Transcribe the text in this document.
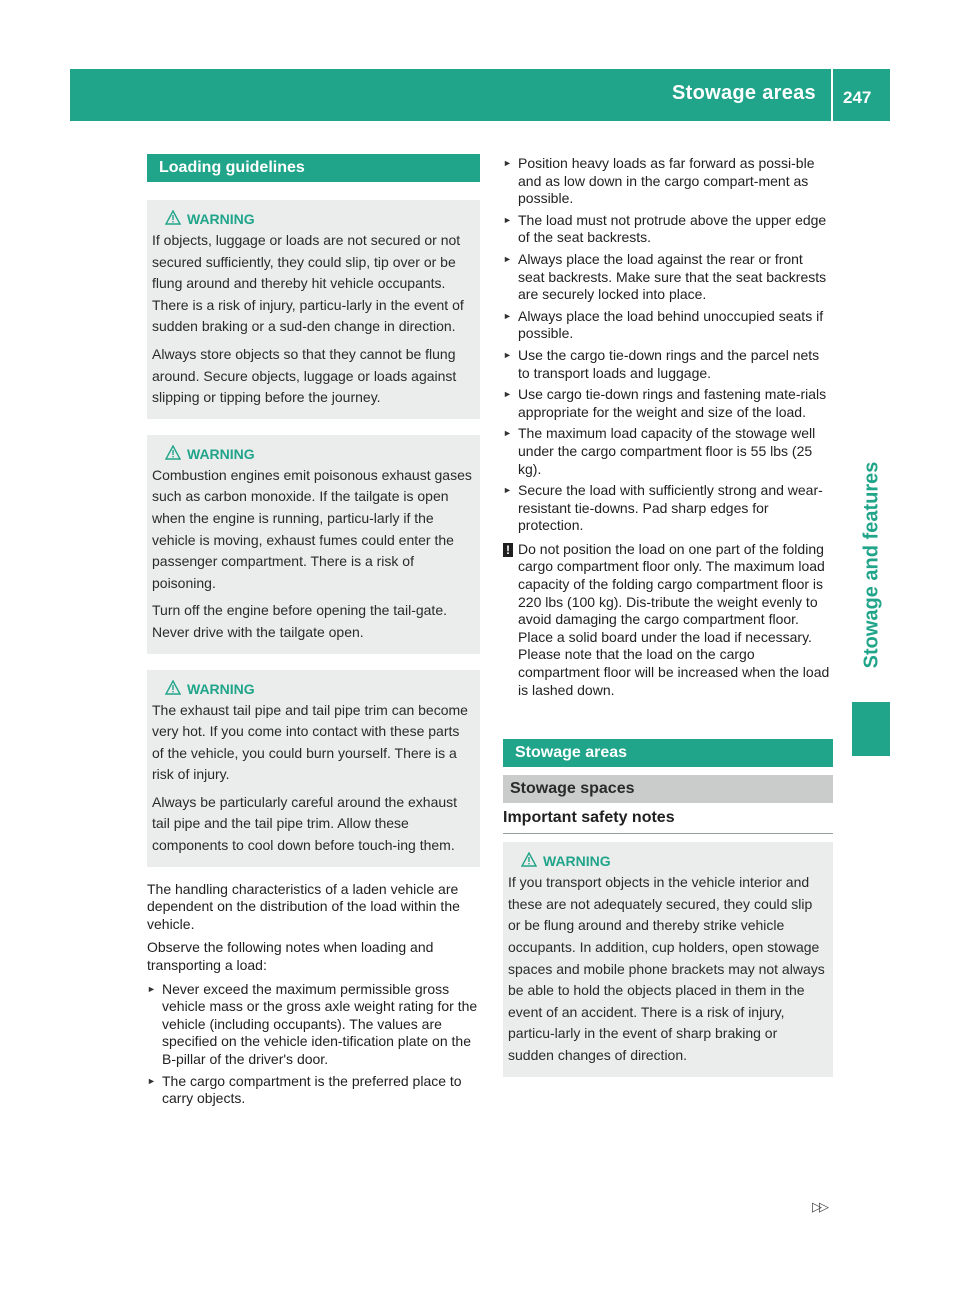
Stowage areas 247
Stowage and features
Loading guidelines
WARNING

If objects, luggage or loads are not secured or not secured sufficiently, they could slip, tip over or be flung around and thereby hit vehicle occupants. There is a risk of injury, particu-larly in the event of sudden braking or a sud-den change in direction.

Always store objects so that they cannot be flung around. Secure objects, luggage or loads against slipping or tipping before the journey.

WARNING

Combustion engines emit poisonous exhaust gases such as carbon monoxide. If the tailgate is open when the engine is running, particu-larly if the vehicle is moving, exhaust fumes could enter the passenger compartment. There is a risk of poisoning.

Turn off the engine before opening the tail-gate. Never drive with the tailgate open.

WARNING

The exhaust tail pipe and tail pipe trim can become very hot. If you come into contact with these parts of the vehicle, you could burn yourself. There is a risk of injury.

Always be particularly careful around the exhaust tail pipe and the tail pipe trim. Allow these components to cool down before touch-ing them.

The handling characteristics of a laden vehicle are dependent on the distribution of the load within the vehicle.

Observe the following notes when loading and transporting a load:

► Never exceed the maximum permissible gross vehicle mass or the gross axle weight rating for the vehicle (including occupants). The values are specified on the vehicle iden-tification plate on the B-pillar of the driver's door.
► The cargo compartment is the preferred place to carry objects.
► Position heavy loads as far forward as possi-ble and as low down in the cargo compart-ment as possible.
► The load must not protrude above the upper edge of the seat backrests.
► Always place the load against the rear or front seat backrests. Make sure that the seat backrests are securely locked into place.
► Always place the load behind unoccupied seats if possible.
► Use the cargo tie-down rings and the parcel nets to transport loads and luggage.
► Use cargo tie-down rings and fastening mate-rials appropriate for the weight and size of the load.
► The maximum load capacity of the stowage well under the cargo compartment floor is 55 lbs (25 kg).
► Secure the load with sufficiently strong and wear-resistant tie-downs. Pad sharp edges for protection.
! Do not position the load on one part of the folding cargo compartment floor only. The maximum load capacity of the folding cargo compartment floor is 220 lbs (100 kg). Dis-tribute the weight evenly to avoid damaging the cargo compartment floor. Place a solid board under the load if necessary. Please note that the load on the cargo compartment floor will be increased when the load is lashed down.
Stowage areas
Stowage spaces
Important safety notes
WARNING

If you transport objects in the vehicle interior and these are not adequately secured, they could slip or be flung around and thereby strike vehicle occupants. In addition, cup holders, open stowage spaces and mobile phone brackets may not always be able to hold the objects placed in them in the event of an accident. There is a risk of injury, particu-larly in the event of sharp braking or sudden changes of direction.

▷▷
